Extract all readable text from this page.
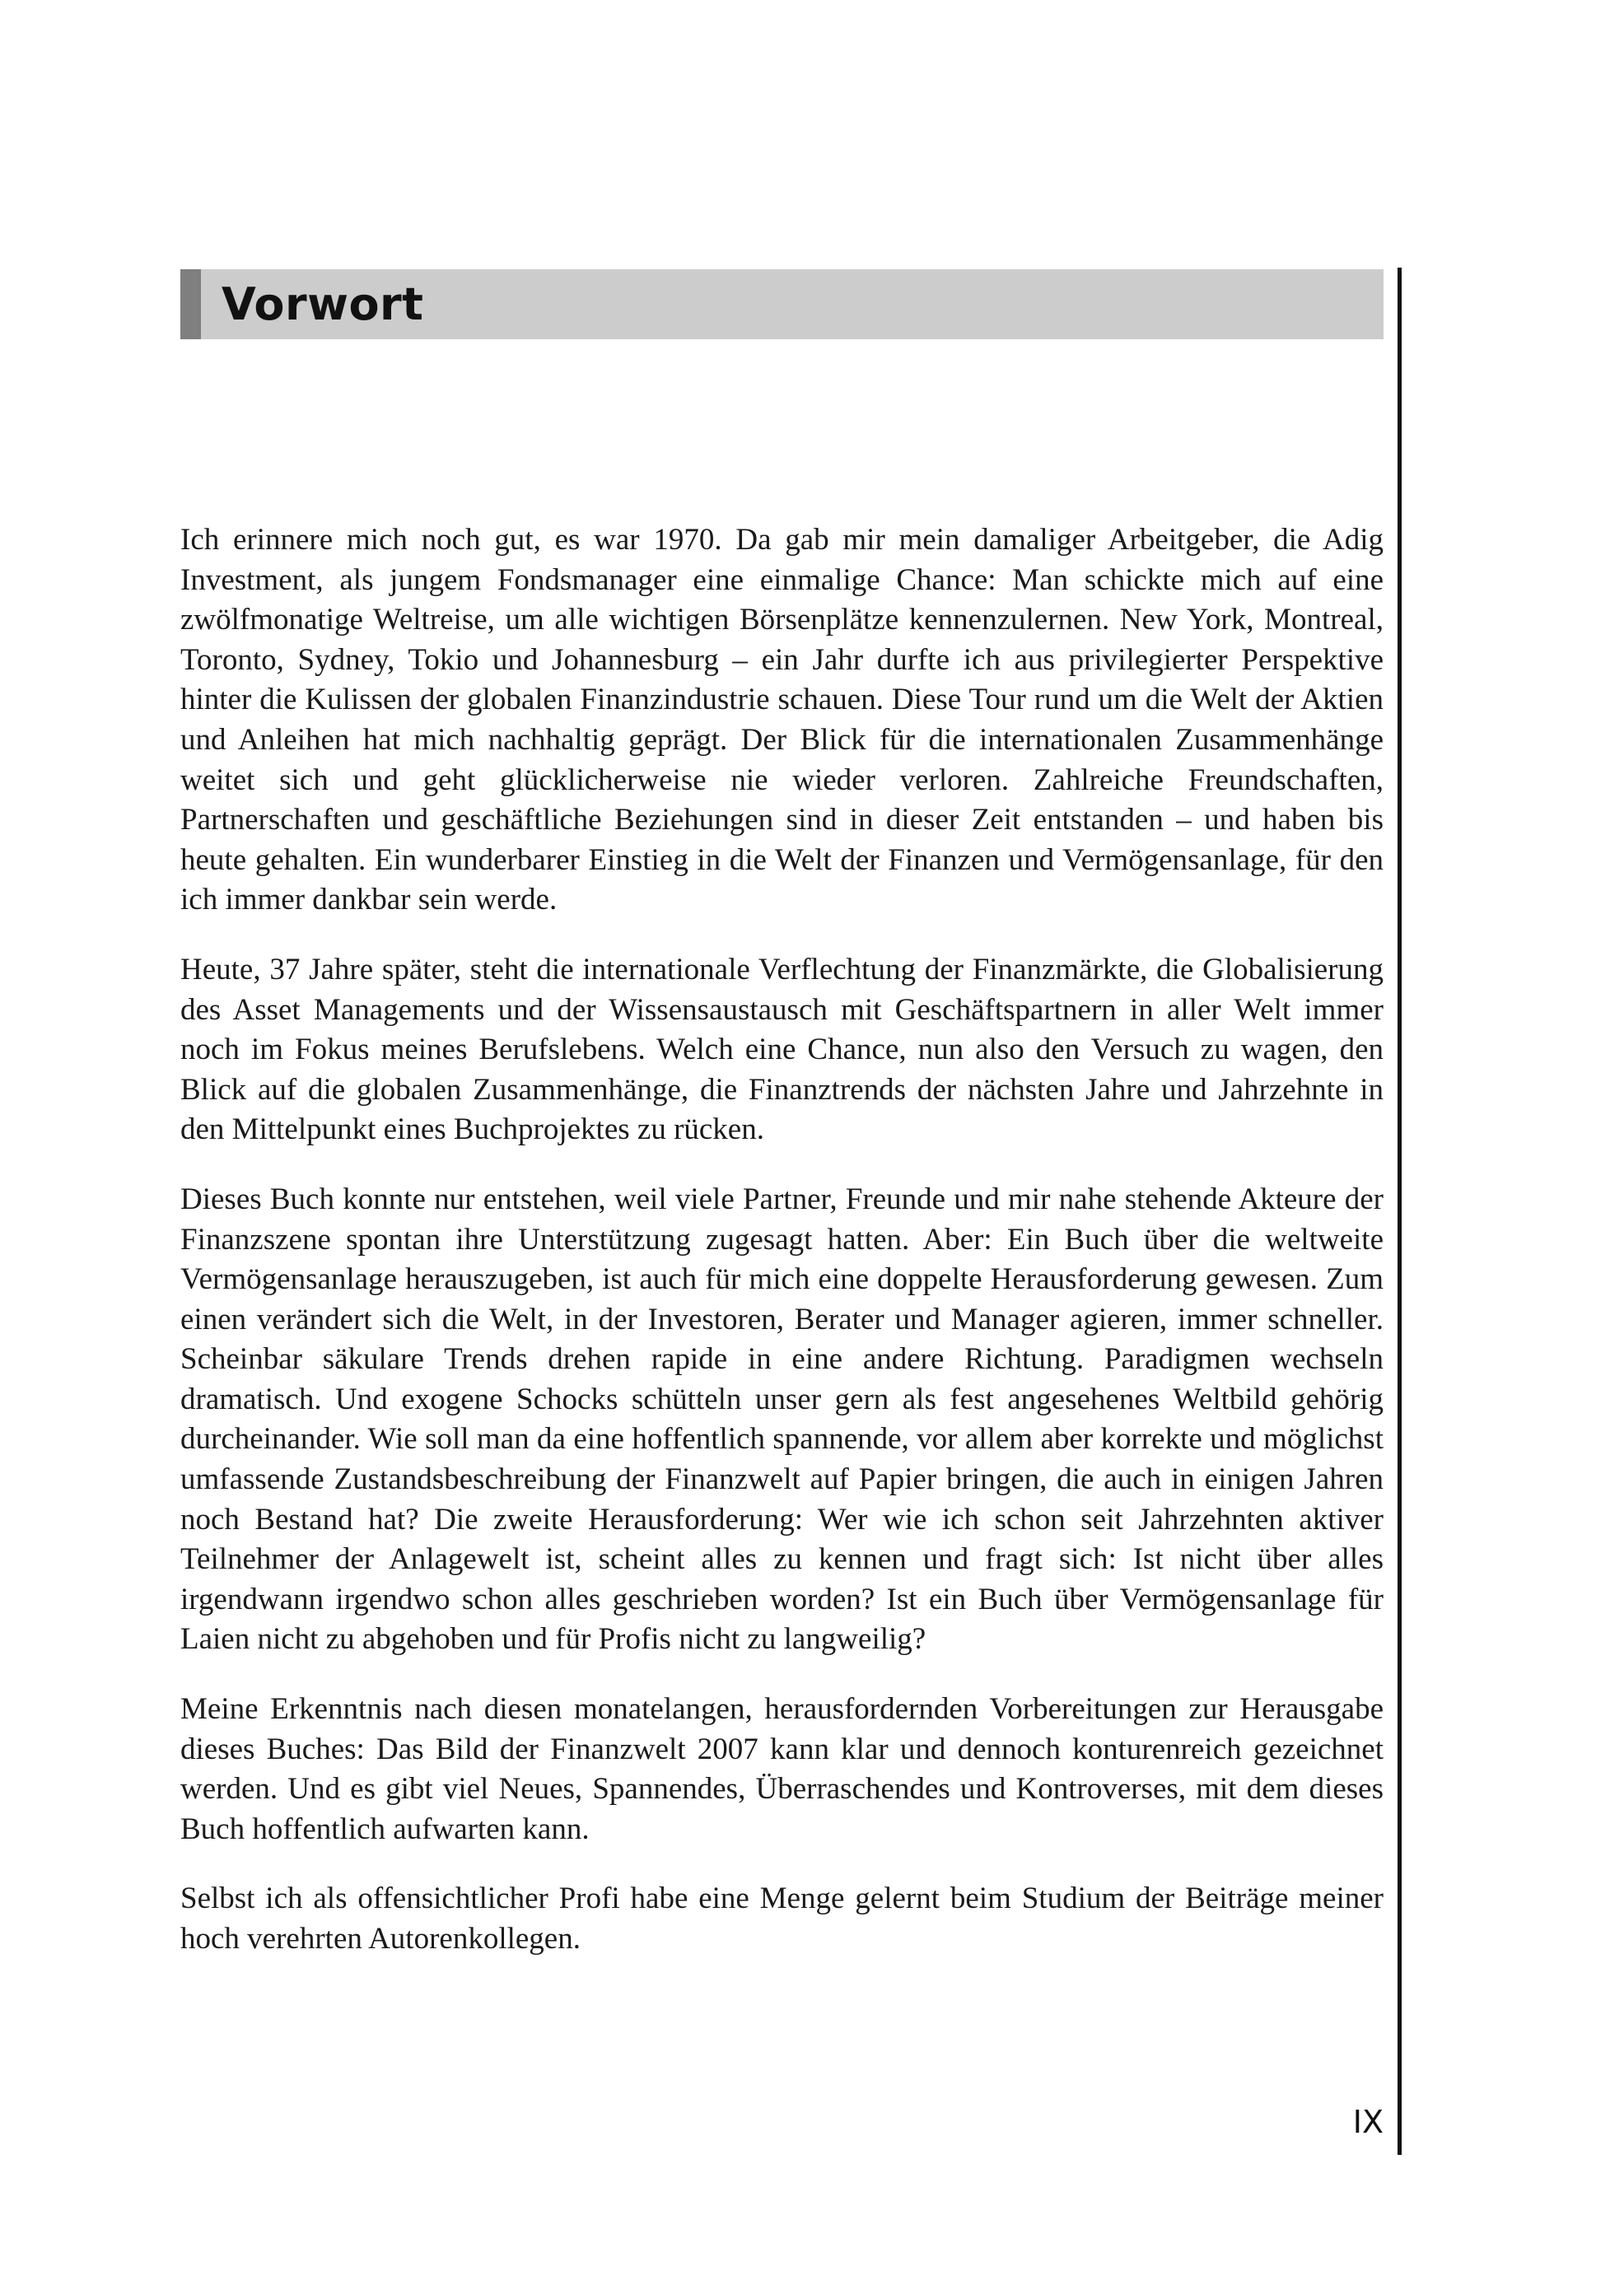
Vorwort

Ich erinnere mich noch gut, es war 1970. Da gab mir mein damaliger Arbeitgeber, die Adig Investment, als jungem Fondsmanager eine einmalige Chance: Man schickte mich auf eine zwölfmonatige Weltreise, um alle wichtigen Börsenplätze kennenzulernen. New York, Montreal, Toronto, Sydney, Tokio und Johannesburg – ein Jahr durfte ich aus privilegierter Perspektive hinter die Kulissen der globalen Finanzindustrie schauen. Diese Tour rund um die Welt der Aktien und Anleihen hat mich nachhaltig geprägt. Der Blick für die internationalen Zusammenhänge weitet sich und geht glücklicherweise nie wieder verloren. Zahlreiche Freundschaften, Partnerschaften und geschäftliche Beziehungen sind in dieser Zeit entstanden – und haben bis heute gehalten. Ein wunderbarer Einstieg in die Welt der Finanzen und Vermögensanlage, für den ich immer dankbar sein werde.

Heute, 37 Jahre später, steht die internationale Verflechtung der Finanzmärkte, die Globalisierung des Asset Managements und der Wissensaustausch mit Geschäftspartnern in aller Welt immer noch im Fokus meines Berufslebens. Welch eine Chance, nun also den Versuch zu wagen, den Blick auf die globalen Zusammenhänge, die Finanztrends der nächsten Jahre und Jahrzehnte in den Mittelpunkt eines Buchprojektes zu rücken.

Dieses Buch konnte nur entstehen, weil viele Partner, Freunde und mir nahe stehende Akteure der Finanzszene spontan ihre Unterstützung zugesagt hatten. Aber: Ein Buch über die weltweite Vermögensanlage herauszugeben, ist auch für mich eine doppelte Herausforderung gewesen. Zum einen verändert sich die Welt, in der Investoren, Berater und Manager agieren, immer schneller. Scheinbar säkulare Trends drehen rapide in eine andere Richtung. Paradigmen wechseln dramatisch. Und exogene Schocks schütteln unser gern als fest angesehenes Weltbild gehörig durcheinander. Wie soll man da eine hoffentlich spannende, vor allem aber korrekte und möglichst umfassende Zustandsbeschreibung der Finanzwelt auf Papier bringen, die auch in einigen Jahren noch Bestand hat? Die zweite Herausforderung: Wer wie ich schon seit Jahrzehnten aktiver Teilnehmer der Anlagewelt ist, scheint alles zu kennen und fragt sich: Ist nicht über alles irgendwann irgendwo schon alles geschrieben worden? Ist ein Buch über Vermögensanlage für Laien nicht zu abgehoben und für Profis nicht zu langweilig?

Meine Erkenntnis nach diesen monatelangen, herausfordernden Vorbereitungen zur Herausgabe dieses Buches: Das Bild der Finanzwelt 2007 kann klar und dennoch konturenreich gezeichnet werden. Und es gibt viel Neues, Spannendes, Überraschendes und Kontroverses, mit dem dieses Buch hoffentlich aufwarten kann.

Selbst ich als offensichtlicher Profi habe eine Menge gelernt beim Studium der Beiträge meiner hoch verehrten Autorenkollegen.

IX
